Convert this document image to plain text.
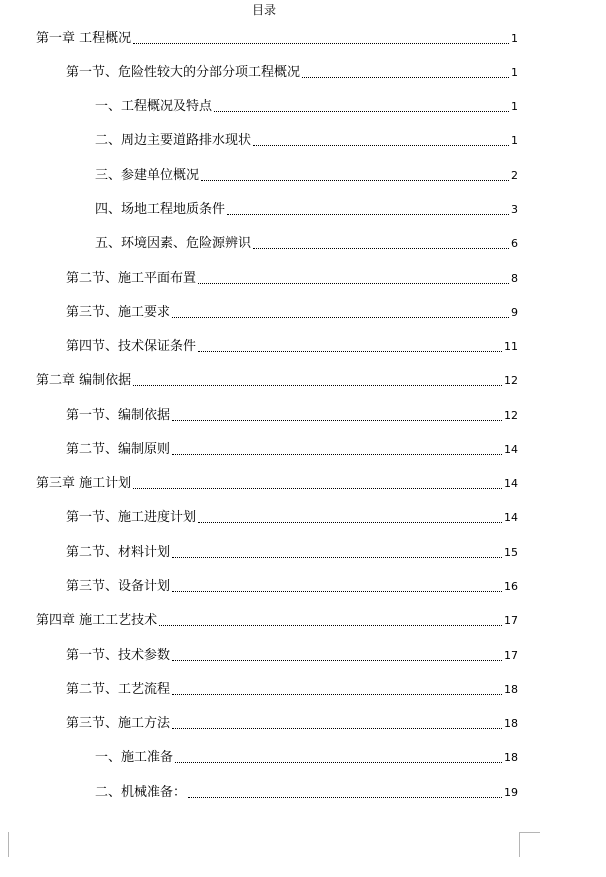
目录
第一章 工程概况	1
第一节、危险性较大的分部分项工程概况	1
一、工程概况及特点	1
二、周边主要道路排水现状	1
三、参建单位概况	2
四、场地工程地质条件	3
五、环境因素、危险源辨识	6
第二节、施工平面布置	8
第三节、施工要求	9
第四节、技术保证条件	11
第二章 编制依据	12
第一节、编制依据	12
第二节、编制原则	14
第三章 施工计划	14
第一节、施工进度计划	14
第二节、材料计划	15
第三节、设备计划	16
第四章 施工工艺技术	17
第一节、技术参数	17
第二节、工艺流程	18
第三节、施工方法	18
一、施工准备	18
二、机械准备：	19
